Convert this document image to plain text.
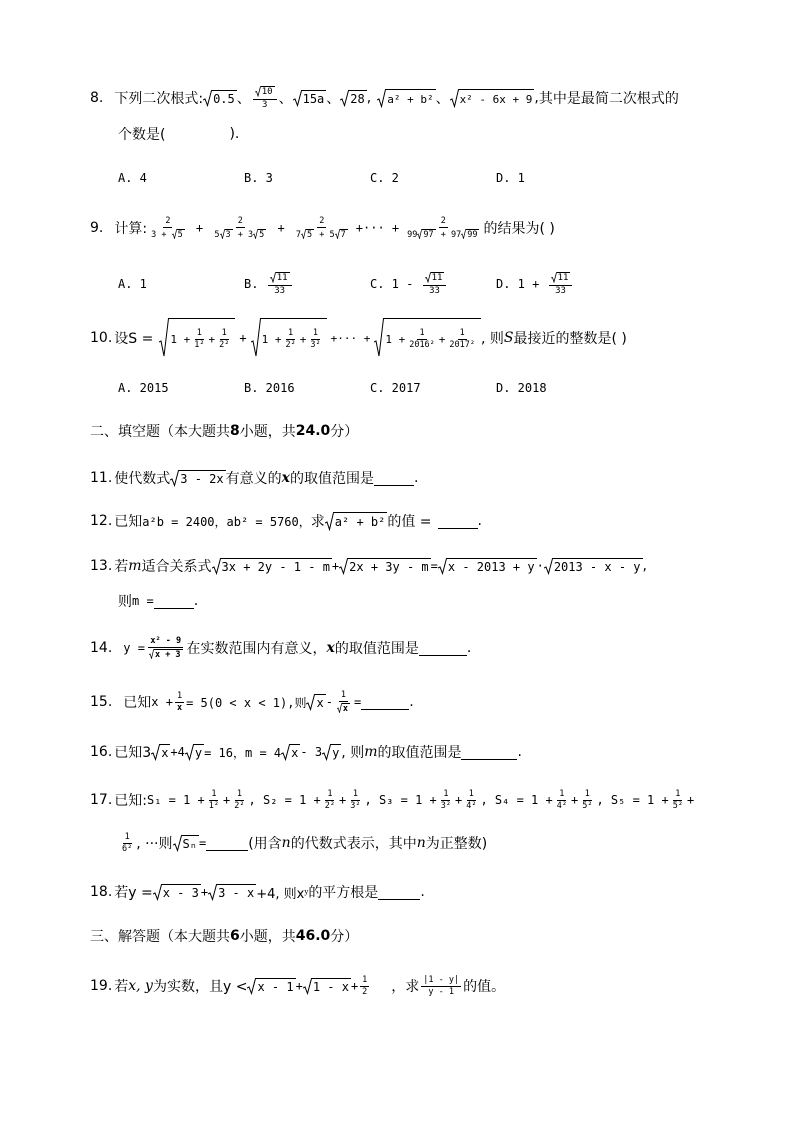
8. 下列二次根式: 0.5 、 $\frac{10}{3}$ 、 15a 、 28 , a² + b² 、 x² - 6x + 9 , 其中是最简二次根式的
个数是(	).
A. 4	B. 3	C. 2	D. 1
9. 计算: $\frac{2}{3 + 5} + \frac{2}{5 3 + 3 5} + \frac{2}{7 5 + 5 7}$ +··· + $\frac{2}{99 97 + 97 99}$ 的结果为( )
A. 1	B.
$\frac{11}{33}$	C. 1 -
$\frac{11}{33}$	D. 1 +
$\frac{11}{33}$
10. 设$S = 1 + \frac{1}{\text{1²}} + \frac{1}{\text{2²}} + 1 + \frac{1}{\text{2²}} + \frac{1}{\text{3²}}$ +··· + $1 + \frac{1}{\text{2016²}} + \frac{1}{\text{2017²}}$ , 则 S 最接近的整数是( )
A. 2015	B. 2016	C. 2017	D. 2018
二、填空题（本大题共 8 小题，共 24.0 分）
11. 使代数式 3 - 2x 有意义的 x 的取值范围是	.
12. 已知 a²b = 2400，ab² = 5760， 求 a² + b² 的值 =	.
13. 若 m 适合关系式 3x + 2y - 1 - m + 2x + 3y - m = x - 2013 + y · 2013 - x - y ,
则 m =	.
14. $y = \frac{\text{x² - 9}}{x + 3}$ 在实数范围内有意义， x 的取值范围是	.
15. 已知 $x + \frac{1}{x} = 5(0 < x < 1)$,则 x - $\frac{1}{x}$ =	.
16. 已知3 x +4 y = 16，m = 4 x - 3 y , 则 m 的取值范围是	.
17. 已知: $S_1 = 1 + \frac{1}{\text{1²}} + \frac{1}{\text{2²}}$ , $S_2 = 1 + \frac{1}{\text{2²}} + \frac{1}{\text{3²}}$ , $S_3 = 1 + \frac{1}{\text{3²}} + \frac{1}{\text{4²}}$ , $S_4 = 1 + \frac{1}{\text{4²}} + \frac{1}{\text{5²}}$ , $S_5 = 1 + \frac{1}{\text{5²}}$ +
$\frac{1}{\text{6²}}$ , ···则 Sₙ =	(用含 n 的代数式表示，其中 n 为正整数)
18. 若y = x - 3 + 3 - x +4, 则x y 的平方根是	.
三、解答题（本大题共 6 小题，共 46.0 分）
19. 若 x, y 为实数，且$y < x - 1 + 1 - x + \frac{1}{2}$ ，求 $\frac{|1 - y|}{y - 1}$ 的值。
